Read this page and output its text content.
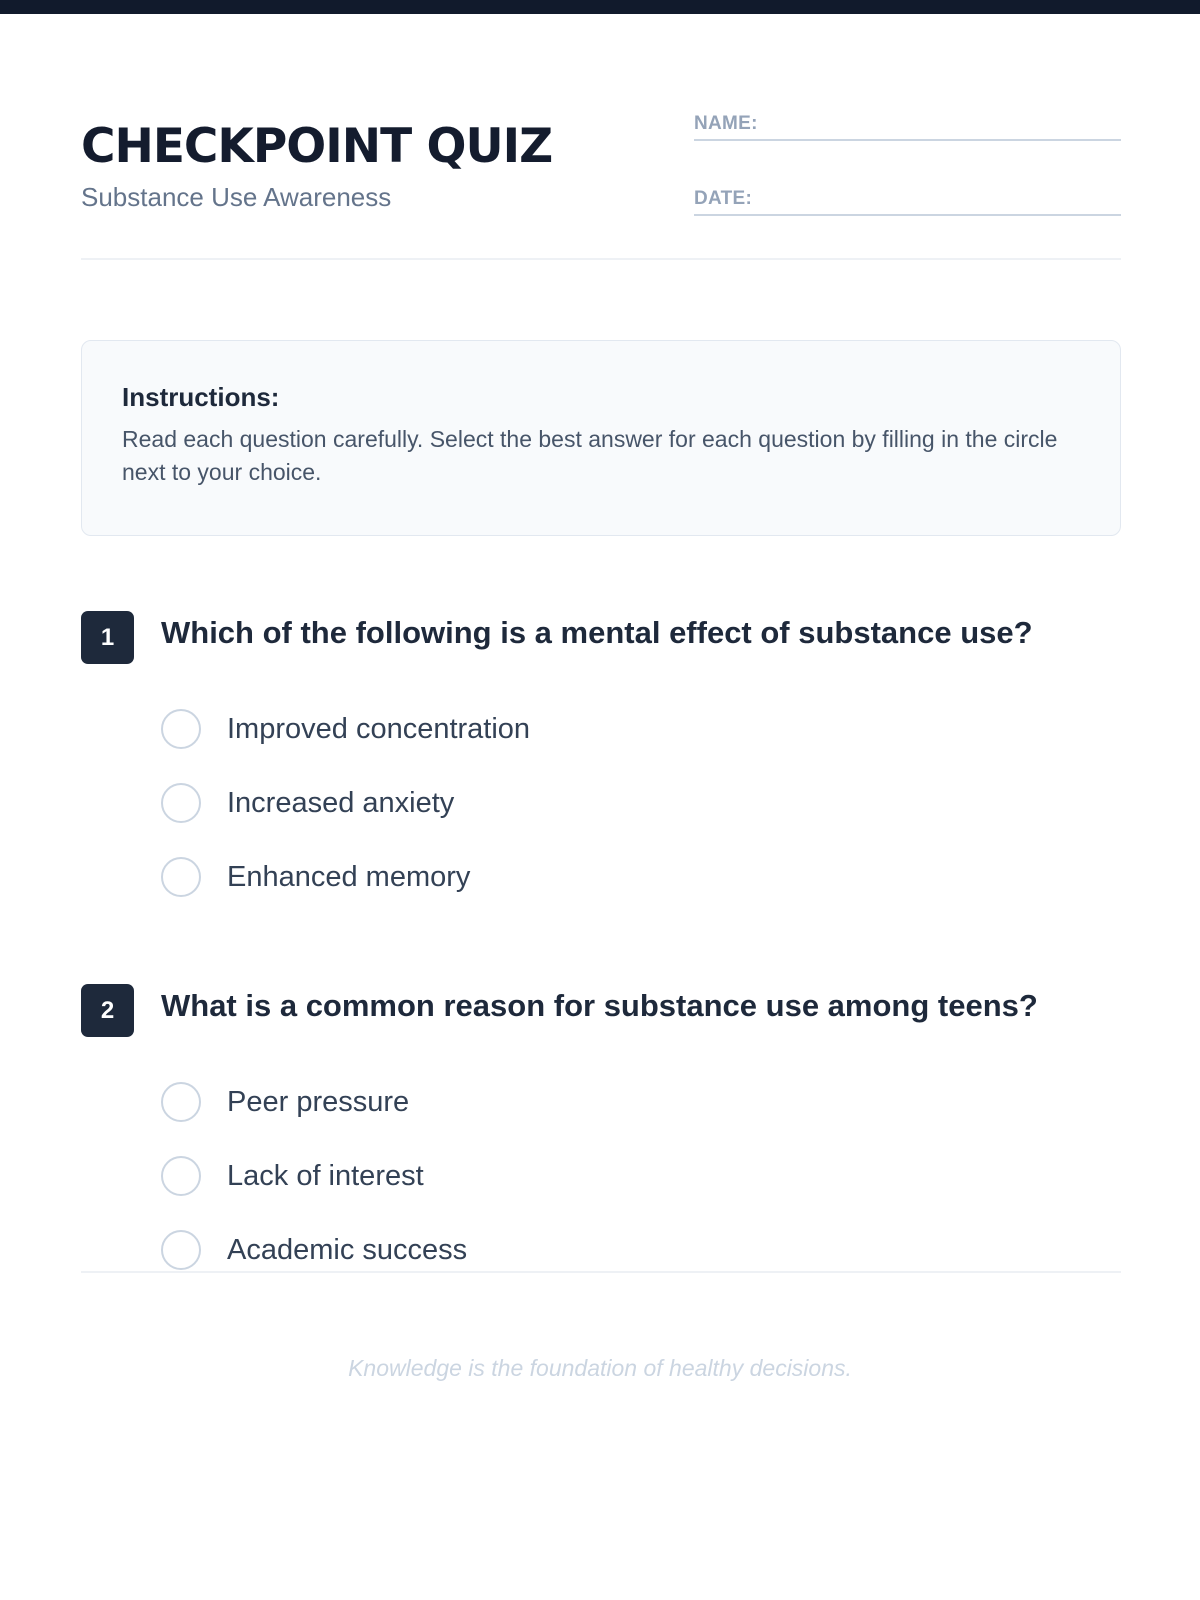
CHECKPOINT QUIZ
Substance Use Awareness
NAME:
DATE:
Instructions:
Read each question carefully. Select the best answer for each question by filling in the circle next to your choice.
1	Which of the following is a mental effect of substance use?
Improved concentration
Increased anxiety
Enhanced memory
2	What is a common reason for substance use among teens?
Peer pressure
Lack of interest
Academic success
Knowledge is the foundation of healthy decisions.
